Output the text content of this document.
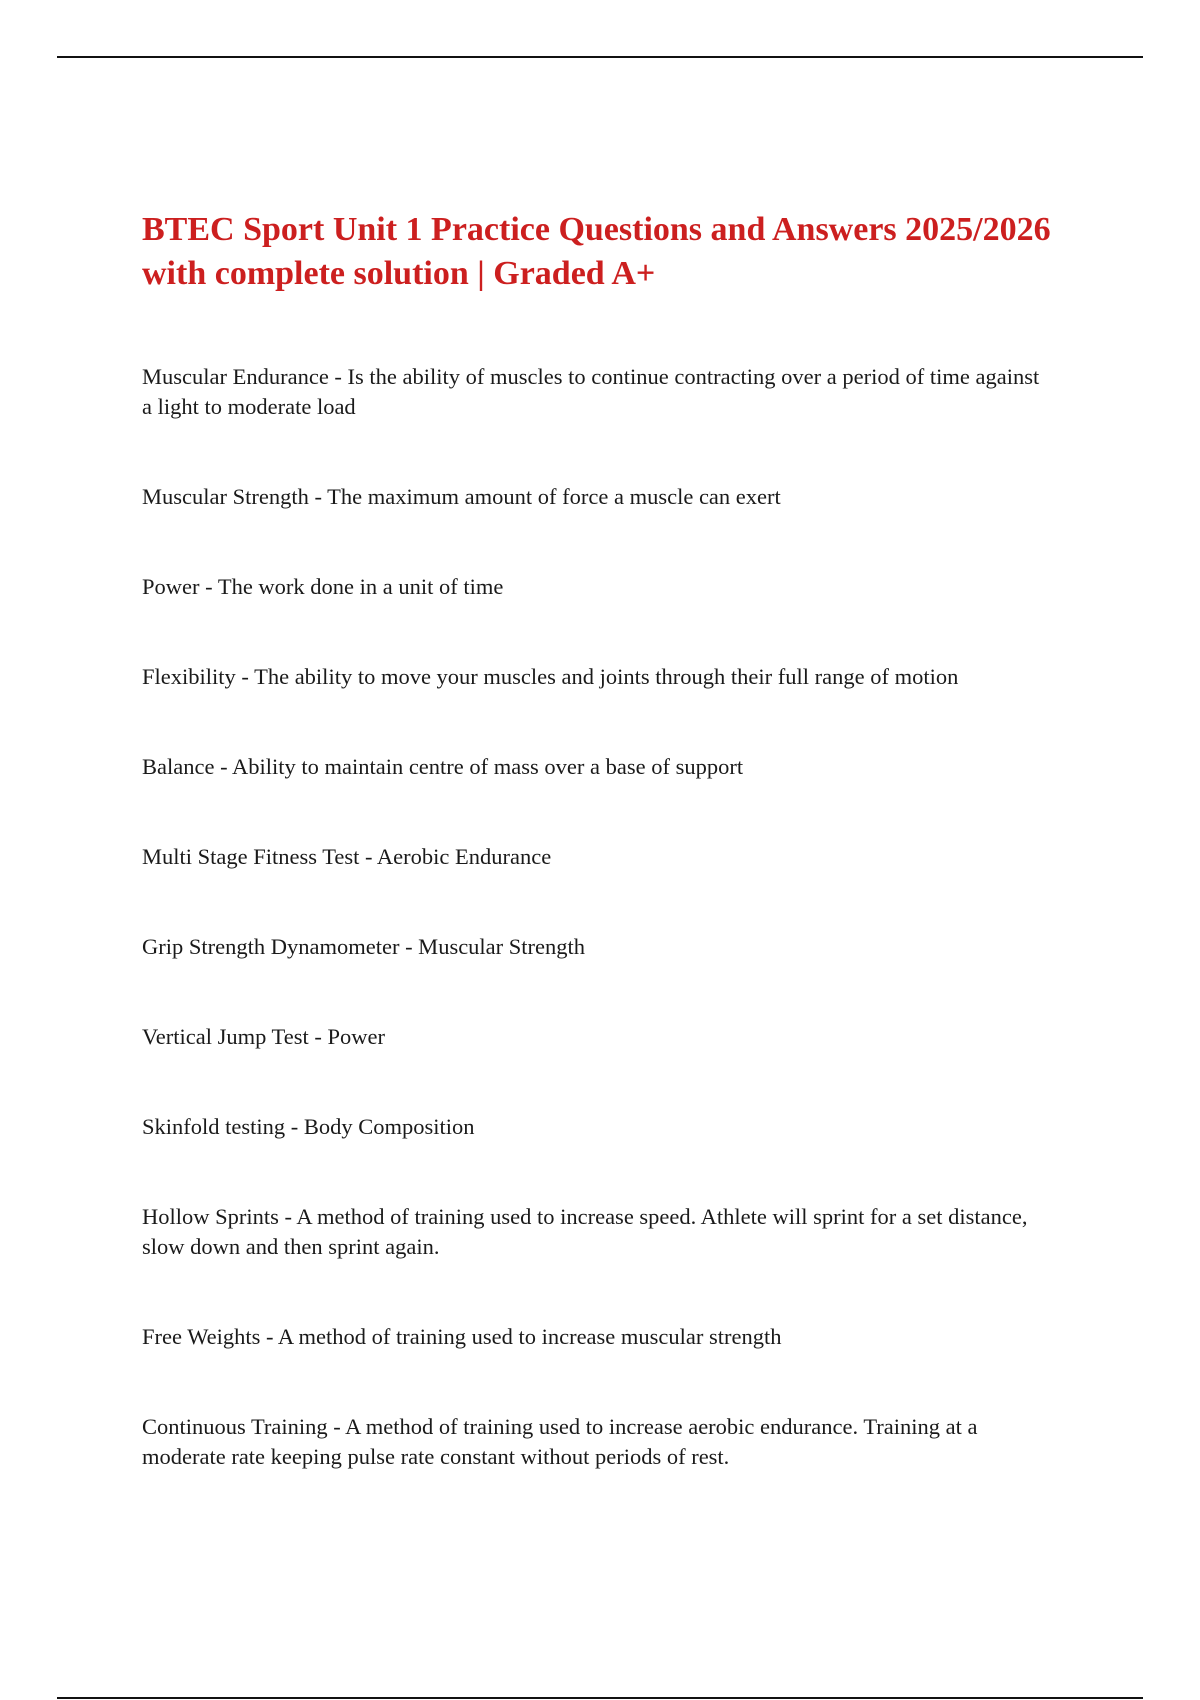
BTEC Sport Unit 1 Practice Questions and Answers 2025/2026 with complete solution | Graded A+

Muscular Endurance - Is the ability of muscles to continue contracting over a period of time against a light to moderate load

Muscular Strength - The maximum amount of force a muscle can exert

Power - The work done in a unit of time

Flexibility - The ability to move your muscles and joints through their full range of motion

Balance - Ability to maintain centre of mass over a base of support

Multi Stage Fitness Test - Aerobic Endurance

Grip Strength Dynamometer - Muscular Strength

Vertical Jump Test - Power

Skinfold testing - Body Composition

Hollow Sprints - A method of training used to increase speed. Athlete will sprint for a set distance, slow down and then sprint again.

Free Weights - A method of training used to increase muscular strength

Continuous Training - A method of training used to increase aerobic endurance. Training at a moderate rate keeping pulse rate constant without periods of rest.
